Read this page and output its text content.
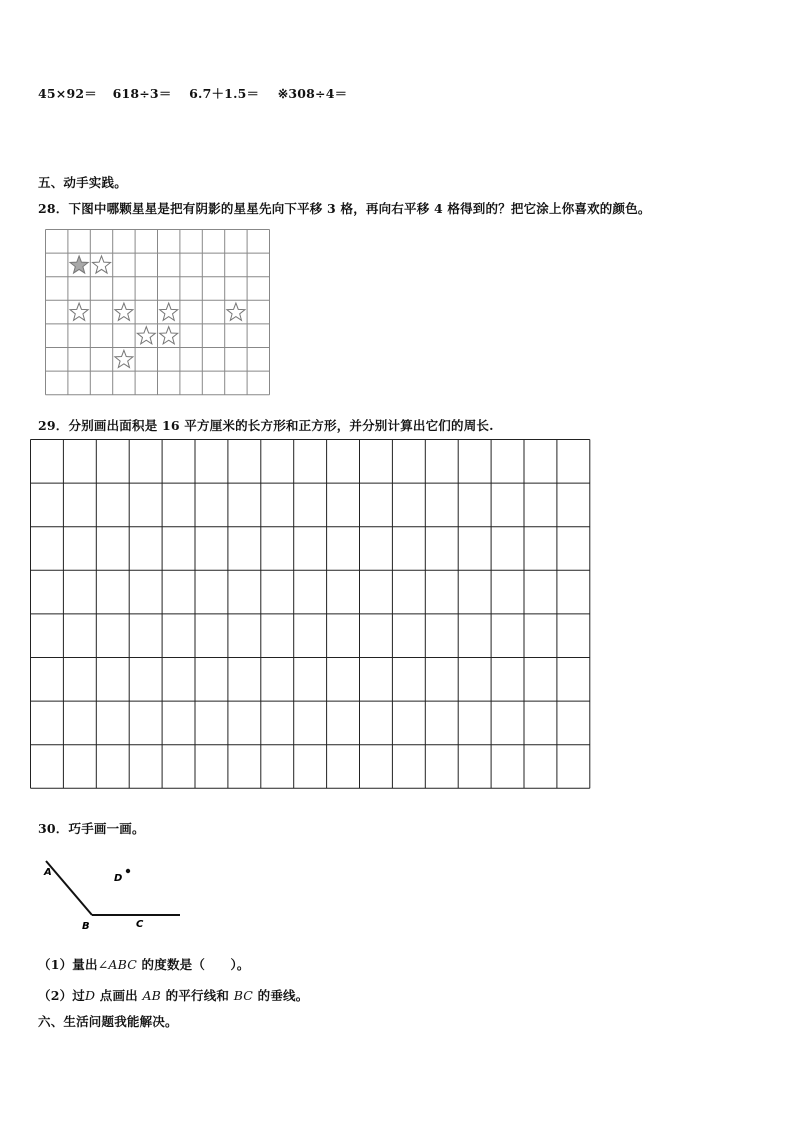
45×92＝ 618÷3＝ 6.7＋1.5＝ ※308÷4＝
五、动手实践。
28．下图中哪颗星星是把有阴影的星星先向下平移 3 格，再向右平移 4 格得到的？把它涂上你喜欢的颜色。
29．分别画出面积是 16 平方厘米的长方形和正方形，并分别计算出它们的周长.
30．巧手画一画。
A
B	C
D
（1）量出∠ABC 的度数是（　　）。
（2）过D 点画出 AB 的平行线和 BC 的垂线。
六、生活问题我能解决。
